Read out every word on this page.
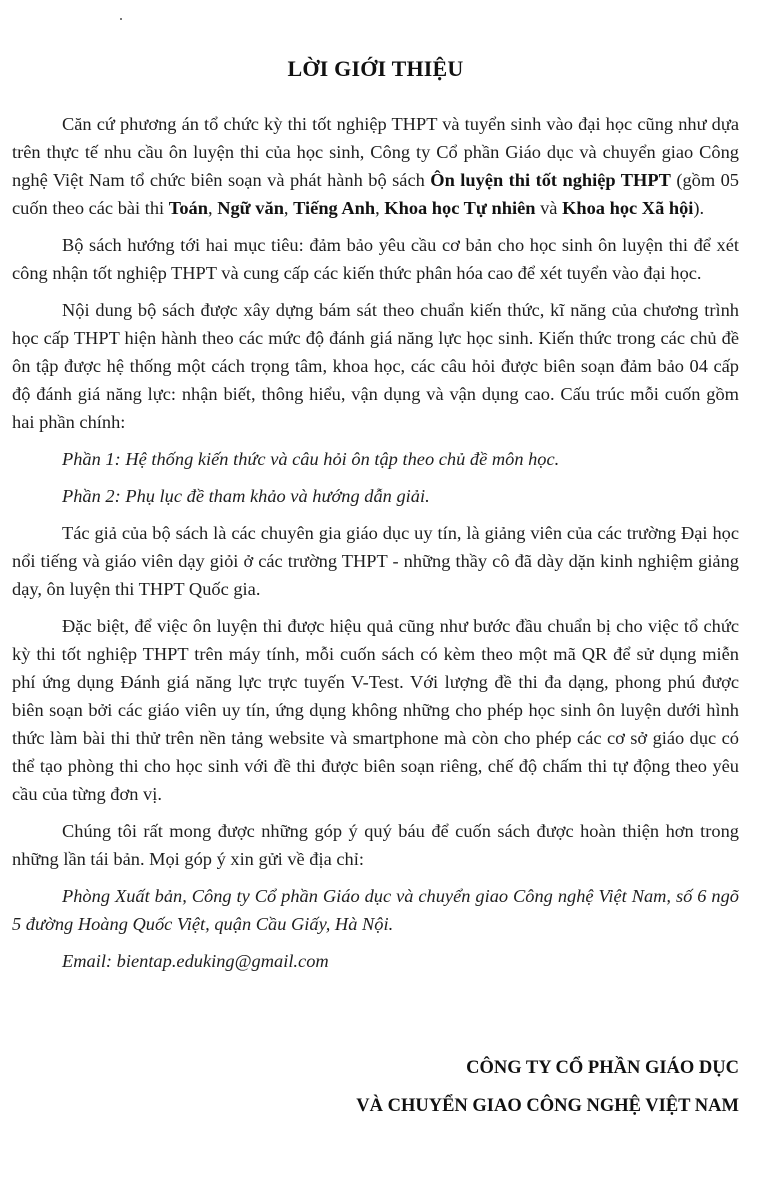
LỜI GIỚI THIỆU

Căn cứ phương án tổ chức kỳ thi tốt nghiệp THPT và tuyển sinh vào đại học cũng như dựa trên thực tế nhu cầu ôn luyện thi của học sinh, Công ty Cổ phần Giáo dục và chuyển giao Công nghệ Việt Nam tổ chức biên soạn và phát hành bộ sách Ôn luyện thi tốt nghiệp THPT (gồm 05 cuốn theo các bài thi Toán, Ngữ văn, Tiếng Anh, Khoa học Tự nhiên và Khoa học Xã hội).

Bộ sách hướng tới hai mục tiêu: đảm bảo yêu cầu cơ bản cho học sinh ôn luyện thi để xét công nhận tốt nghiệp THPT và cung cấp các kiến thức phân hóa cao để xét tuyển vào đại học.

Nội dung bộ sách được xây dựng bám sát theo chuẩn kiến thức, kĩ năng của chương trình học cấp THPT hiện hành theo các mức độ đánh giá năng lực học sinh. Kiến thức trong các chủ đề ôn tập được hệ thống một cách trọng tâm, khoa học, các câu hỏi được biên soạn đảm bảo 04 cấp độ đánh giá năng lực: nhận biết, thông hiểu, vận dụng và vận dụng cao. Cấu trúc mỗi cuốn gồm hai phần chính:

Phần 1: Hệ thống kiến thức và câu hỏi ôn tập theo chủ đề môn học.

Phần 2: Phụ lục đề tham khảo và hướng dẫn giải.

Tác giả của bộ sách là các chuyên gia giáo dục uy tín, là giảng viên của các trường Đại học nổi tiếng và giáo viên dạy giỏi ở các trường THPT - những thầy cô đã dày dặn kinh nghiệm giảng dạy, ôn luyện thi THPT Quốc gia.

Đặc biệt, để việc ôn luyện thi được hiệu quả cũng như bước đầu chuẩn bị cho việc tổ chức kỳ thi tốt nghiệp THPT trên máy tính, mỗi cuốn sách có kèm theo một mã QR để sử dụng miễn phí ứng dụng Đánh giá năng lực trực tuyến V-Test. Với lượng đề thi đa dạng, phong phú được biên soạn bởi các giáo viên uy tín, ứng dụng không những cho phép học sinh ôn luyện dưới hình thức làm bài thi thử trên nền tảng website và smartphone mà còn cho phép các cơ sở giáo dục có thể tạo phòng thi cho học sinh với đề thi được biên soạn riêng, chế độ chấm thi tự động theo yêu cầu của từng đơn vị.

Chúng tôi rất mong được những góp ý quý báu để cuốn sách được hoàn thiện hơn trong những lần tái bản. Mọi góp ý xin gửi về địa chỉ:

Phòng Xuất bản, Công ty Cổ phần Giáo dục và chuyển giao Công nghệ Việt Nam, số 6 ngõ 5 đường Hoàng Quốc Việt, quận Cầu Giấy, Hà Nội.

Email: bientap.eduking@gmail.com

CÔNG TY CỔ PHẦN GIÁO DỤC
VÀ CHUYỂN GIAO CÔNG NGHỆ VIỆT NAM
